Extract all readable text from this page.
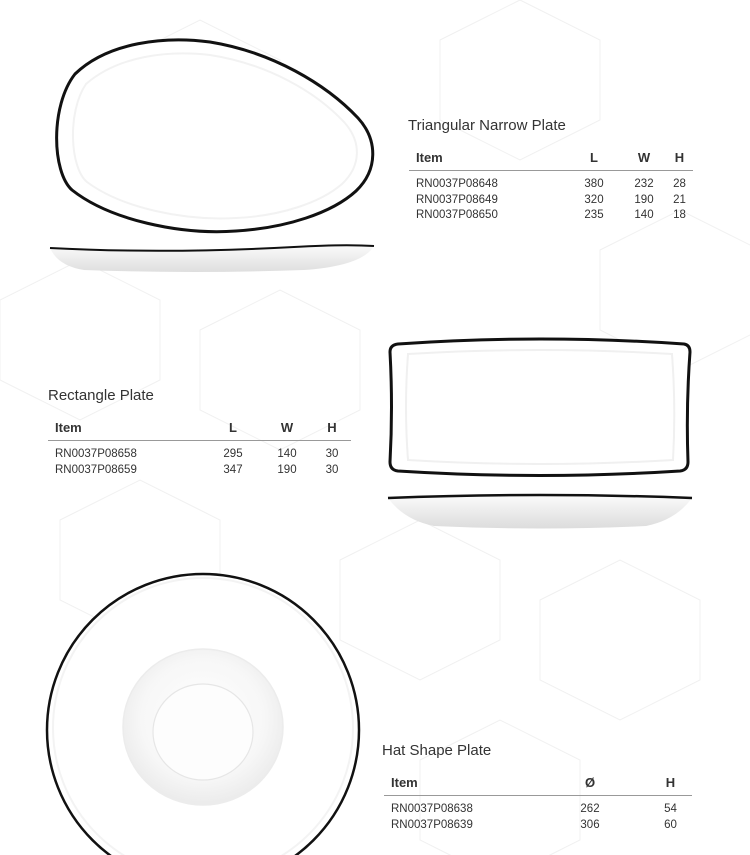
Triangular Narrow Plate
Item	L	W	H
RN0037P08648	380	232	28
RN0037P08649	320	190	21
RN0037P08650	235	140	18
Rectangle Plate
Item	L	W	H
RN0037P08658	295	140	30
RN0037P08659	347	190	30
Hat Shape Plate
Item	Ø	H
RN0037P08638	262	54
RN0037P08639	306	60
